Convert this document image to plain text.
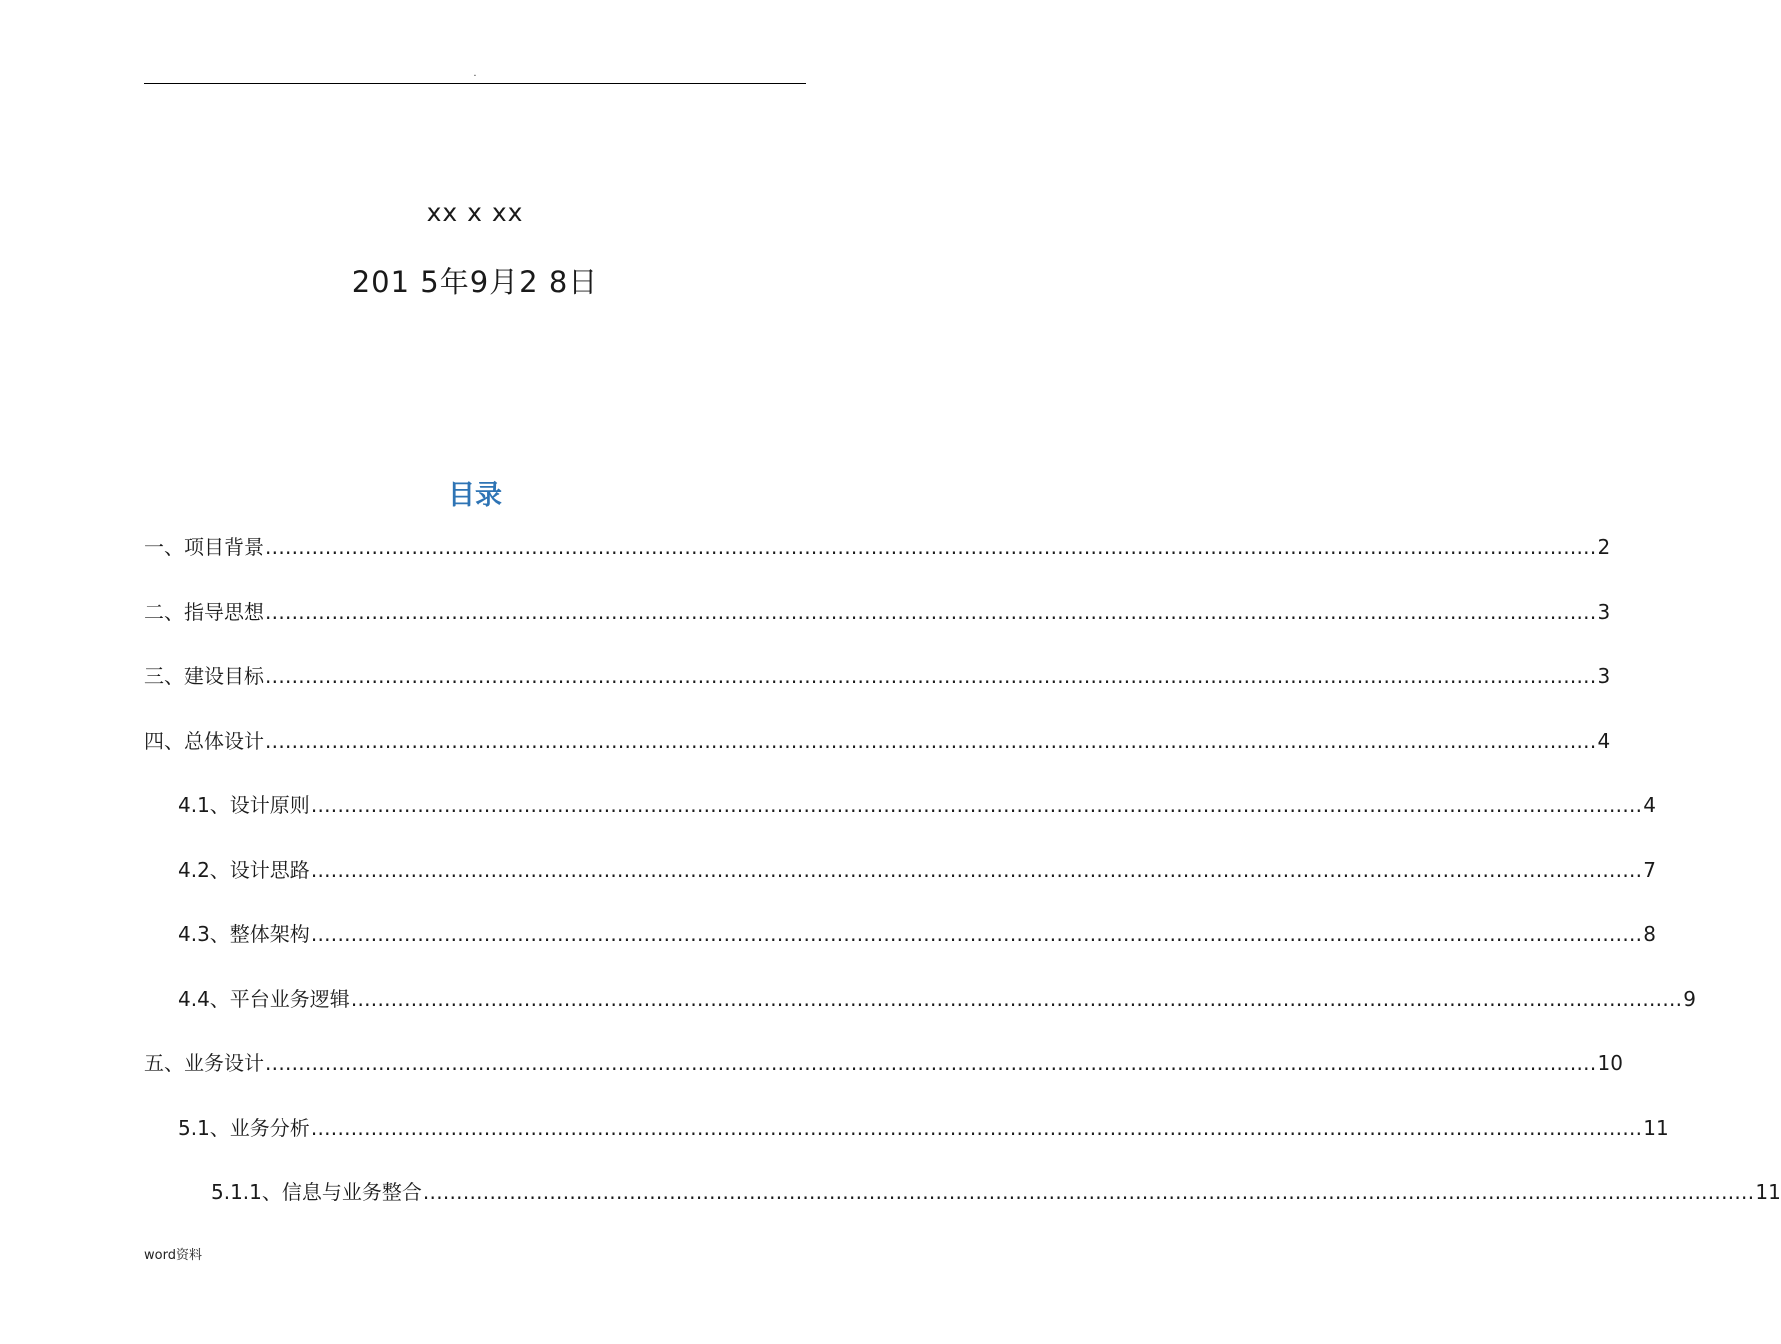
.
xx x xx
201 5年9月2 8日
目录
一、项目背景 ........................................................................................................................................................................................................ 2
二、指导思想 ........................................................................................................................................................................................................ 3
三、建设目标 ........................................................................................................................................................................................................ 3
四、总体设计 ........................................................................................................................................................................................................ 4
4.1、设计原则 ........................................................................................................................................................................................................ 4
4.2、设计思路 ........................................................................................................................................................................................................ 7
4.3、整体架构 ........................................................................................................................................................................................................ 8
4.4、平台业务逻辑 ........................................................................................................................................................................................................ 9
五、业务设计 ........................................................................................................................................................................................................ 10
5.1、业务分析 ........................................................................................................................................................................................................ 11
5.1.1、信息与业务整合 ........................................................................................................................................................................................................ 11
word资料
